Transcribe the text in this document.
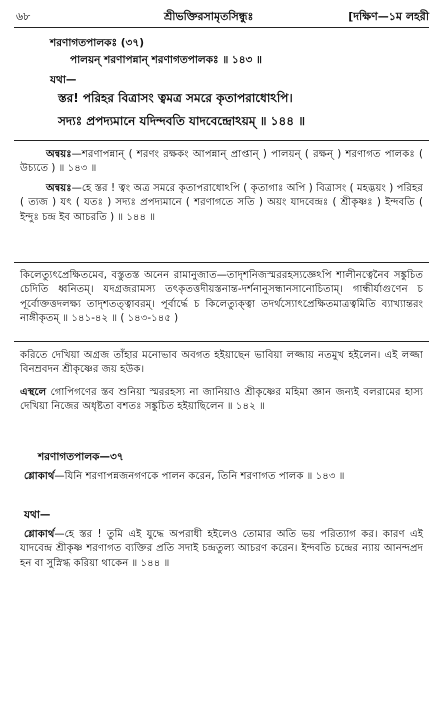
৬৮	শ্রীভক্তিরসামৃতসিন্ধুঃ	[দক্ষিণ—১ম লহরী
শরণাগতপালকঃ (৩৭)
পালয়ন্ শরণাপন্নান্ শরণাগতপালকঃ ॥ ১৪৩ ॥
যথা—
স্তর! পরিহর বিত্রাসং ত্বমত্র সমরে কৃতাপরাধোঽপি।
সদ্যঃ প্রপদ্যমানে যদিন্দবতি যাদবেন্দ্রোঽয়ম্ ॥ ১৪৪ ॥
অন্বয়ঃ—শরণাপন্নান্ ( শরণং রক্ষকং আপন্নান্ প্রাপ্তান্ ) পালয়ন্ ( রক্ষন্ ) শরণাগত পালকঃ ( উচ্যতে ) ॥ ১৪৩ ॥
অন্বয়ঃ—হে স্তর ! ত্বং অত্র সমরে কৃতাপরাধোঽপি ( কৃতাগাঃ অপি ) বিত্রাসং ( মহদ্ভয়ং ) পরিহর ( ত্যজ ) যৎ ( যতঃ ) সদ্যঃ প্রপদ্যমানে ( শরণাগতে সতি ) অয়ং যাদবেন্দ্রঃ ( শ্রীকৃষ্ণঃ ) ইন্দবতি ( ইন্দুঃ চন্দ্র ইব আচরতি ) ॥ ১৪৪ ॥
কিলেত্যুৎপ্রেক্ষিতমেব, বস্তুতস্ত অনেন রামানুজাত—তাদৃশনিজস্মররহস্যজ্ঞেঽপি শালীনত্বেনৈব সঙ্কুচিত চেদিতি ধ্বনিতম্। যদগ্রজরামস্য তৎকৃতত্তদীয়স্তনান্ত-দর্শনানুসন্ধানসানোচিতাম্। গান্ধীর্যাগুণেন চ পূর্বোক্তত্তদলক্ষ্য তাদৃশতত্ত্বাবরম্। পূর্বার্দ্ধে চ কিলেত্যুক্ত্বা তদর্থস্যোৎপ্রেক্ষিতমাত্রত্বমিতি ব্যাখ্যান্তরং নাঙ্গীকৃতম্ ॥ ১৪১-৪২ ॥ ( ১৪৩-১৪৫ )
করিতে দেখিয়া অগ্রজ তাঁহার মনোভাব অবগত হইয়াছেন ভাবিয়া লজ্জায় নতমুখ হইলেন। এই লজ্জা বিনম্রবদন শ্রীকৃষ্ণের জয় হউক।
এস্থলে গোপিগণের স্তব শুনিয়া স্মররহস্য না জানিয়াও শ্রীকৃষ্ণের মহিমা জ্ঞান জন্যই বলরামের হাস্য দেখিয়া নিজের অধৃষ্টতা বশতঃ সঙ্কুচিত হইয়াছিলেন ॥ ১৪২ ॥
শরণাগতপালক—৩৭
শ্লোকার্থ—যিনি শরণাপন্নজনগণকে পালন করেন, তিনি শরণাগত পালক ॥ ১৪৩ ॥
যথা—
শ্লোকার্থ—হে স্তর ! তুমি এই যুদ্ধে অপরাধী হইলেও তোমার অতি ভয় পরিত্যাগ কর। কারণ এই যাদবেন্দ্র শ্রীকৃষ্ণ শরণাগত ব্যক্তির প্রতি সদাই চন্দ্রতুল্য আচরণ করেন। ইন্দবতি চন্দ্রের ন্যায় আনন্দপ্রদ হন বা সুস্নিগ্ধ করিয়া থাকেন ॥ ১৪৪ ॥
